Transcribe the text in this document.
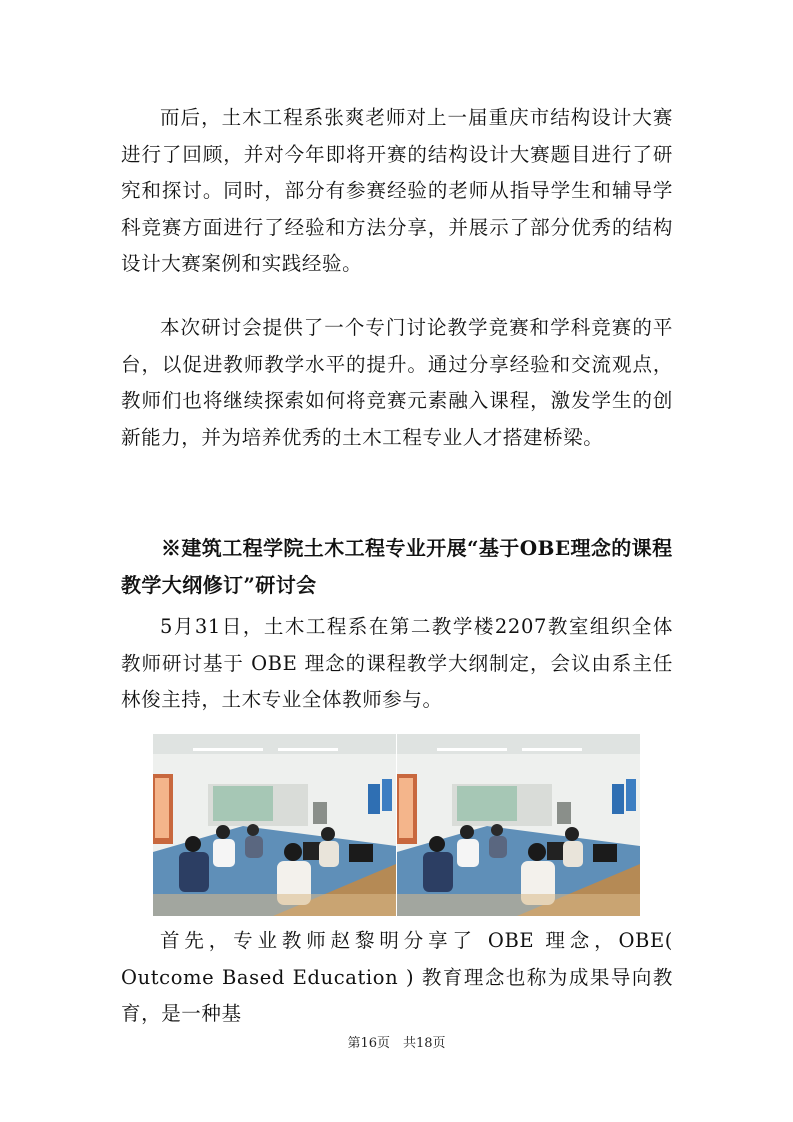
而后，土木工程系张爽老师对上一届重庆市结构设计大赛进行了回顾，并对今年即将开赛的结构设计大赛题目进行了研究和探讨。同时，部分有参赛经验的老师从指导学生和辅导学科竞赛方面进行了经验和方法分享，并展示了部分优秀的结构设计大赛案例和实践经验。

本次研讨会提供了一个专门讨论教学竞赛和学科竞赛的平台，以促进教师教学水平的提升。通过分享经验和交流观点，教师们也将继续探索如何将竞赛元素融入课程，激发学生的创新能力，并为培养优秀的土木工程专业人才搭建桥梁。

※建筑工程学院土木工程专业开展“基于OBE理念的课程教学大纲修订”研讨会

5月31日，土木工程系在第二教学楼2207教室组织全体教师研讨基于 OBE 理念的课程教学大纲制定，会议由系主任林俊主持，土木专业全体教师参与。

首先，专业教师赵黎明分享了 OBE 理念，OBE( Outcome Based Education ) 教育理念也称为成果导向教育，是一种基

第16页　共18页
